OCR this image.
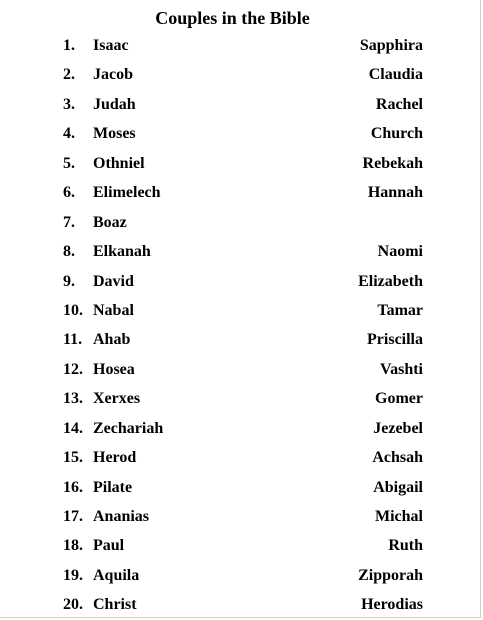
Couples in the Bible
1. Isaac	Sapphira
2. Jacob	Claudia
3. Judah	Rachel
4. Moses	Church
5. Othniel	Rebekah
6. Elimelech	Hannah
7. Boaz
8. Elkanah	Naomi
9. David	Elizabeth
10. Nabal	Tamar
11. Ahab	Priscilla
12. Hosea	Vashti
13. Xerxes	Gomer
14. Zechariah	Jezebel
15. Herod	Achsah
16. Pilate	Abigail
17. Ananias	Michal
18. Paul	Ruth
19. Aquila	Zipporah
20. Christ	Herodias
